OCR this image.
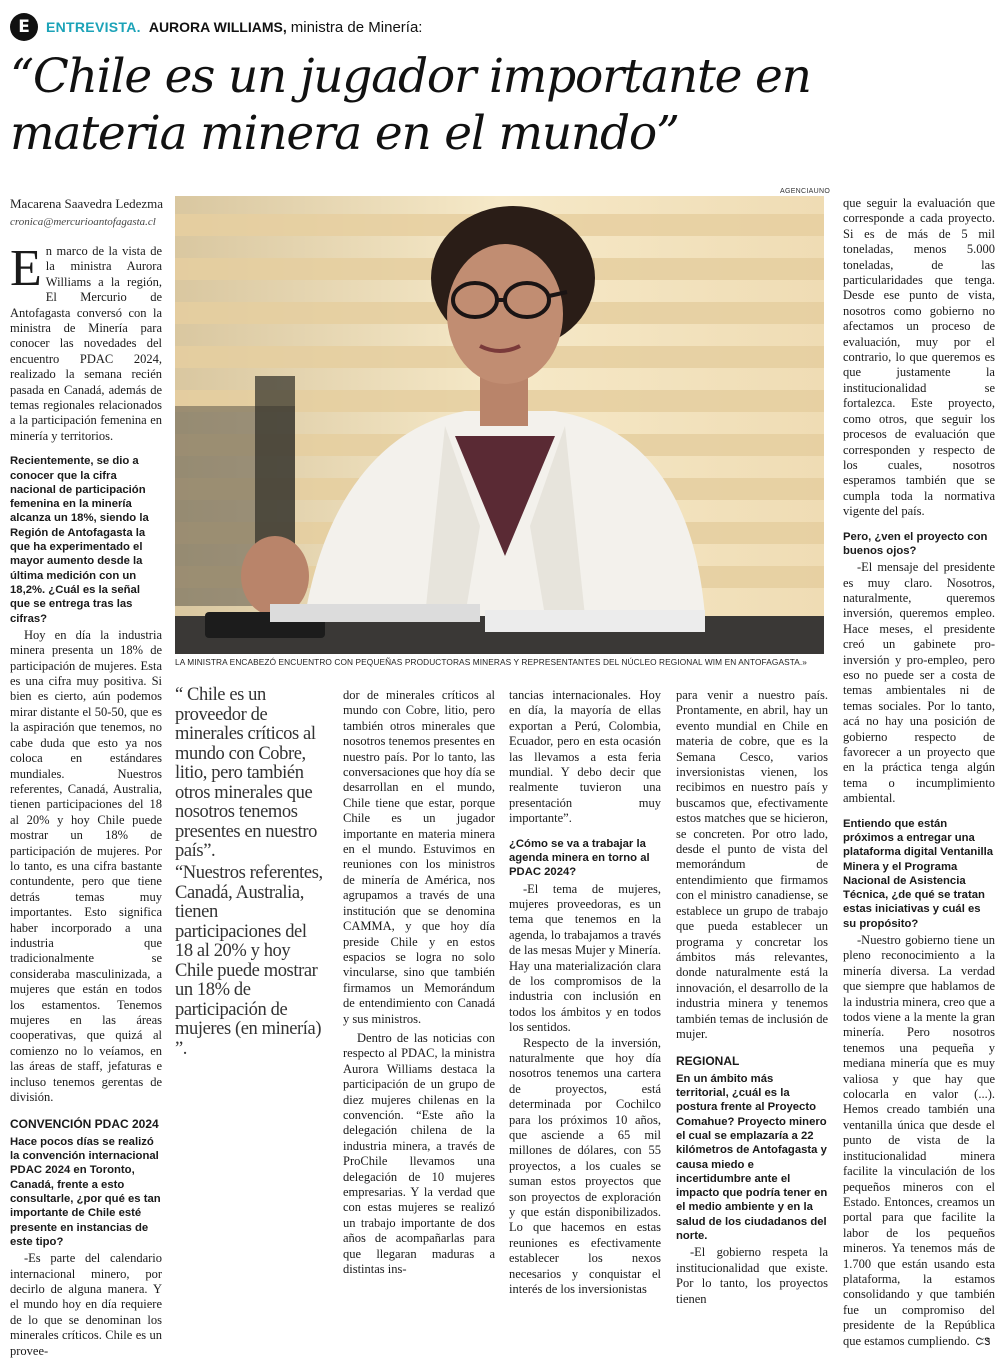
E	ENTREVISTA. AURORA WILLIAMS, ministra de Minería:
“Chile es un jugador importante en materia minera en el mundo”
Macarena Saavedra Ledezma
cronica@mercurioantofagasta.cl
AGENCIAUNO
LA MINISTRA ENCABEZÓ ENCUENTRO CON PEQUEÑAS PRODUCTORAS MINERAS Y REPRESENTANTES DEL NÚCLEO REGIONAL WIM EN ANTOFAGASTA.»

En marco de la vista de la ministra Aurora Williams a la región, El Mercurio de Antofagasta conversó con la ministra de Minería para conocer las novedades del encuentro PDAC 2024, realizado la semana recién pasada en Canadá, además de temas regionales relacionados a la participación femenina en minería y territorios.

Recientemente, se dio a conocer que la cifra nacional de participación femenina en la minería alcanza un 18%, siendo la Región de Antofagasta la que ha experimentado el mayor aumento desde la última medición con un 18,2%. ¿Cuál es la señal que se entrega tras las cifras?

Hoy en día la industria minera presenta un 18% de participación de mujeres. Esta es una cifra muy positiva. Si bien es cierto, aún podemos mirar distante el 50-50, que es la aspiración que tenemos, no cabe duda que esto ya nos coloca en estándares mundiales. Nuestros referentes, Canadá, Australia, tienen participaciones del 18 al 20% y hoy Chile puede mostrar un 18% de participación de mujeres. Por lo tanto, es una cifra bastante contundente, pero que tiene detrás temas muy importantes. Esto significa haber incorporado a una industria que tradicionalmente se consideraba masculinizada, a mujeres que están en todos los estamentos. Tenemos mujeres en las áreas cooperativas, que quizá al comienzo no lo veíamos, en las áreas de staff, jefaturas e incluso tenemos gerentas de división.

CONVENCIÓN PDAC 2024

Hace pocos días se realizó la convención internacional PDAC 2024 en Toronto, Canadá, frente a esto consultarle, ¿por qué es tan importante de Chile esté presente en instancias de este tipo?

-Es parte del calendario internacional minero, por decirlo de alguna manera. Y el mundo hoy en día requiere de lo que se denominan los minerales críticos. Chile es un provee-

“ Chile es un proveedor de minerales críticos al mundo con Cobre, litio, pero también otros minerales que nosotros tenemos presentes en nuestro país”.
“Nuestros referentes, Canadá, Australia, tienen participaciones del 18 al 20% y hoy Chile puede mostrar un 18% de participación de mujeres (en minería) ”.

dor de minerales críticos al mundo con Cobre, litio, pero también otros minerales que nosotros tenemos presentes en nuestro país. Por lo tanto, las conversaciones que hoy día se desarrollan en el mundo, Chile tiene que estar, porque Chile es un jugador importante en materia minera en el mundo. Estuvimos en reuniones con los ministros de minería de América, nos agrupamos a través de una institución que se denomina CAMMA, y que hoy día preside Chile y en estos espacios se logra no solo vincularse, sino que también firmamos un Memorándum de entendimiento con Canadá y sus ministros.

Dentro de las noticias con respecto al PDAC, la ministra Aurora Williams destaca la participación de un grupo de diez mujeres chilenas en la convención. “Este año la delegación chilena de la industria minera, a través de ProChile llevamos una delegación de 10 mujeres empresarias. Y la verdad que con estas mujeres se realizó un trabajo importante de dos años de acompañarlas para que llegaran maduras a distintas ins-

tancias internacionales. Hoy en día, la mayoría de ellas exportan a Perú, Colombia, Ecuador, pero en esta ocasión las llevamos a esta feria mundial. Y debo decir que realmente tuvieron una presentación muy importante”.

¿Cómo se va a trabajar la agenda minera en torno al PDAC 2024?

-El tema de mujeres, mujeres proveedoras, es un tema que tenemos en la agenda, lo trabajamos a través de las mesas Mujer y Minería. Hay una materialización clara de los compromisos de la industria con inclusión en todos los ámbitos y en todos los sentidos.

Respecto de la inversión, naturalmente que hoy día nosotros tenemos una cartera de proyectos, está determinada por Cochilco para los próximos 10 años, que asciende a 65 mil millones de dólares, con 55 proyectos, a los cuales se suman estos proyectos que son proyectos de exploración y que están disponibilizados. Lo que hacemos en estas reuniones es efectivamente establecer los nexos necesarios y conquistar el interés de los inversionistas

para venir a nuestro país. Prontamente, en abril, hay un evento mundial en Chile en materia de cobre, que es la Semana Cesco, varios inversionistas vienen, los recibimos en nuestro país y buscamos que, efectivamente estos matches que se hicieron, se concreten. Por otro lado, desde el punto de vista del memorándum de entendimiento que firmamos con el ministro canadiense, se establece un grupo de trabajo que pueda establecer un programa y concretar los ámbitos más relevantes, donde naturalmente está la innovación, el desarrollo de la industria minera y tenemos también temas de inclusión de mujer.

REGIONAL

En un ámbito más territorial, ¿cuál es la postura frente al Proyecto Comahue? Proyecto minero el cual se emplazaría a 22 kilómetros de Antofagasta y causa miedo e incertidumbre ante el impacto que podría tener en el medio ambiente y en la salud de los ciudadanos del norte.

-El gobierno respeta la institucionalidad que existe. Por lo tanto, los proyectos tienen

que seguir la evaluación que corresponde a cada proyecto. Si es de más de 5 mil toneladas, menos 5.000 toneladas, de las particularidades que tenga. Desde ese punto de vista, nosotros como gobierno no afectamos un proceso de evaluación, muy por el contrario, lo que queremos es que justamente la institucionalidad se fortalezca. Este proyecto, como otros, que seguir los procesos de evaluación que corresponden y respecto de los cuales, nosotros esperamos también que se cumpla toda la normativa vigente del país.

Pero, ¿ven el proyecto con buenos ojos?

-El mensaje del presidente es muy claro. Nosotros, naturalmente, queremos inversión, queremos empleo. Hace meses, el presidente creó un gabinete pro-inversión y pro-empleo, pero eso no puede ser a costa de temas ambientales ni de temas sociales. Por lo tanto, acá no hay una posición de gobierno respecto de favorecer a un proyecto que en la práctica tenga algún tema o incumplimiento ambiental.

Entiendo que están próximos a entregar una plataforma digital Ventanilla Minera y el Programa Nacional de Asistencia Técnica, ¿de qué se tratan estas iniciativas y cuál es su propósito?

-Nuestro gobierno tiene un pleno reconocimiento a la minería diversa. La verdad que siempre que hablamos de la industria minera, creo que a todos viene a la mente la gran minería. Pero nosotros tenemos una pequeña y mediana minería que es muy valiosa y que hay que colocarla en valor (...). Hemos creado también una ventanilla única que desde el punto de vista de la institucionalidad minera facilite la vinculación de los pequeños mineros con el Estado. Entonces, creamos un portal para que facilite la labor de los pequeños mineros. Ya tenemos más de 1.700 que están usando esta plataforma, la estamos consolidando y que también fue un compromiso del presidente de la República que estamos cumpliendo. ᏨᏕ
